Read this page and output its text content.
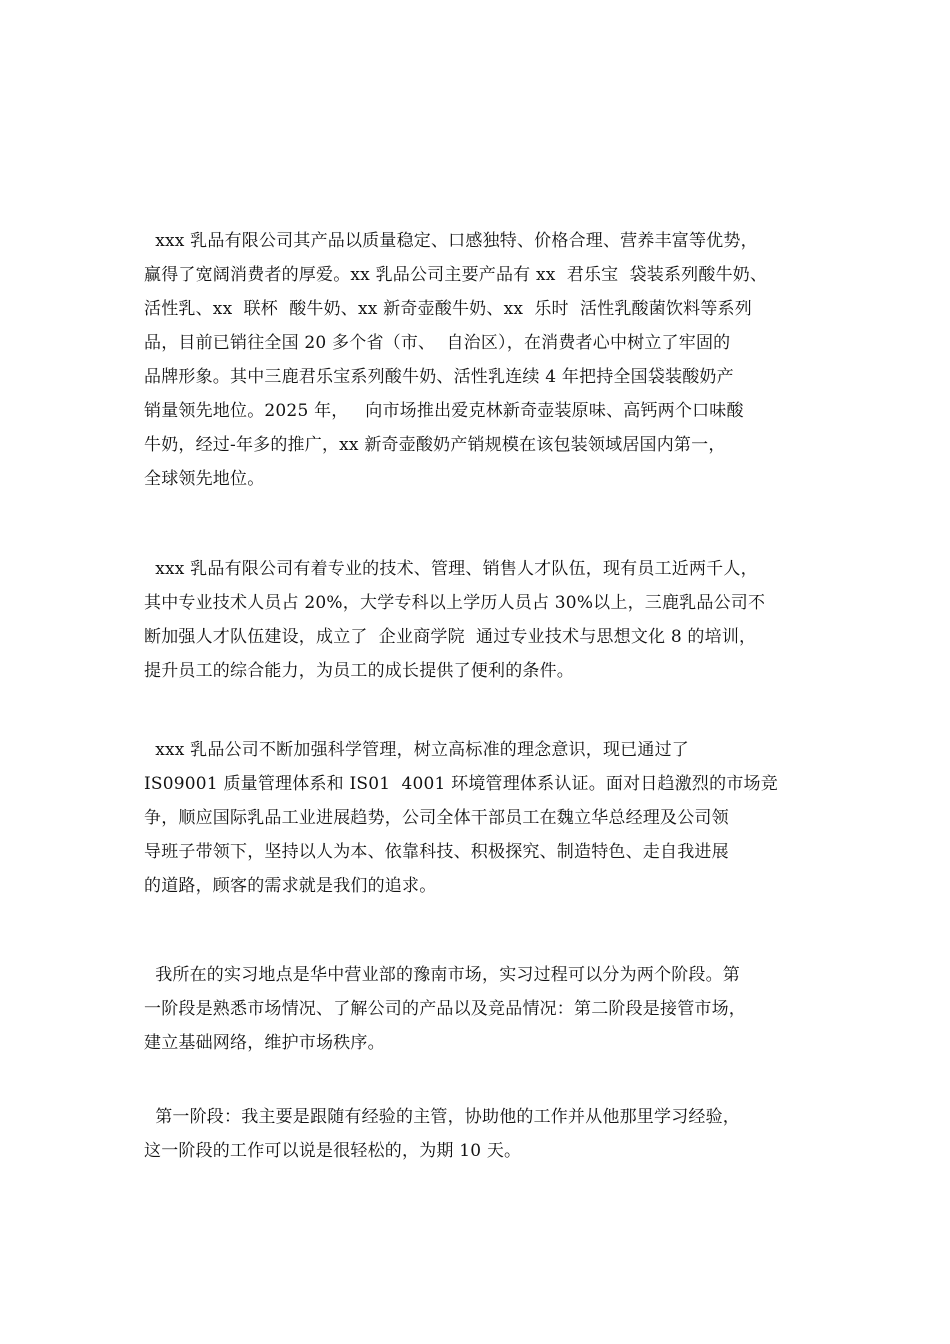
xxx 乳品有限公司其产品以质量稳定、口感独特、价格合理、营养丰富等优势，
赢得了宽阔消费者的厚爱。xx 乳品公司主要产品有 xx  君乐宝  袋装系列酸牛奶、
活性乳、xx  联杯  酸牛奶、xx 新奇壶酸牛奶、xx  乐时  活性乳酸菌饮料等系列
品，目前已销往全国 20 多个省（市、  自治区），在消费者心中树立了牢固的
品牌形象。其中三鹿君乐宝系列酸牛奶、活性乳连续 4 年把持全国袋装酸奶产
销量领先地位。2025 年，   向市场推出爱克林新奇壶装原味、高钙两个口味酸
牛奶，经过-年多的推广，xx 新奇壶酸奶产销规模在该包装领域居国内第一，
全球领先地位。
xxx 乳品有限公司有着专业的技术、管理、销售人才队伍，现有员工近两千人，
其中专业技术人员占 20%，大学专科以上学历人员占 30%以上，三鹿乳品公司不
断加强人才队伍建设，成立了  企业商学院  通过专业技术与思想文化 8 的培训，
提升员工的综合能力，为员工的成长提供了便利的条件。
xxx 乳品公司不断加强科学管理，树立高标准的理念意识，现已通过了
IS09001 质量管理体系和 IS01  4001 环境管理体系认证。面对日趋激烈的市场竞
争，顺应国际乳品工业进展趋势，公司全体干部员工在魏立华总经理及公司领
导班子带领下，坚持以人为本、依靠科技、积极探究、制造特色、走自我进展
的道路，顾客的需求就是我们的追求。
我所在的实习地点是华中营业部的豫南市场，实习过程可以分为两个阶段。第
一阶段是熟悉市场情况、了解公司的产品以及竞品情况：第二阶段是接管市场，
建立基础网络，维护市场秩序。
第一阶段：我主要是跟随有经验的主管，协助他的工作并从他那里学习经验，
这一阶段的工作可以说是很轻松的，为期 10 天。
